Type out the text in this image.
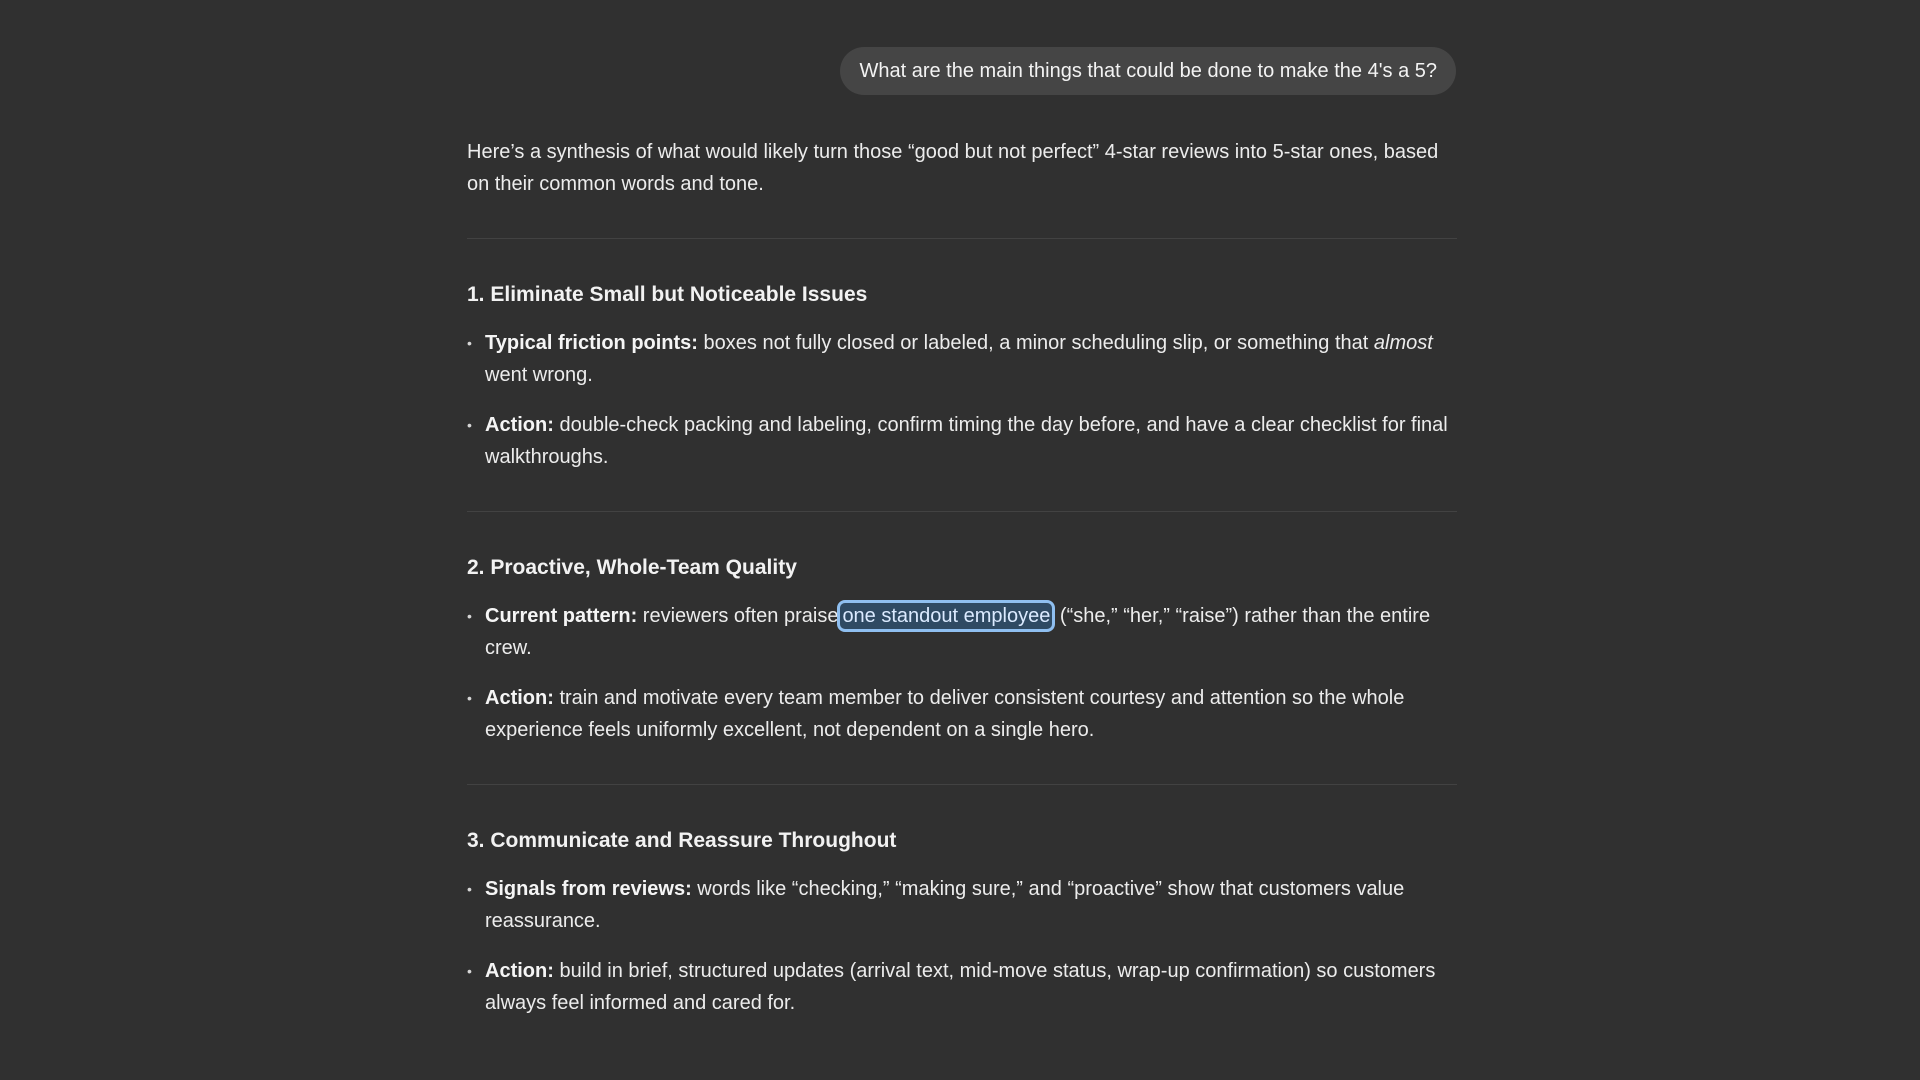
What are the main things that could be done to make the 4's a 5?

Here’s a synthesis of what would likely turn those “good but not perfect” 4-star reviews into 5-star ones, based on their common words and tone.

1. Eliminate Small but Noticeable Issues
• Typical friction points: boxes not fully closed or labeled, a minor scheduling slip, or something that almost went wrong.
• Action: double-check packing and labeling, confirm timing the day before, and have a clear checklist for final walkthroughs.
2. Proactive, Whole-Team Quality
• Current pattern: reviewers often praise one standout employee (“she,” “her,” “raise”) rather than the entire crew.
• Action: train and motivate every team member to deliver consistent courtesy and attention so the whole experience feels uniformly excellent, not dependent on a single hero.
3. Communicate and Reassure Throughout
• Signals from reviews: words like “checking,” “making sure,” and “proactive” show that customers value reassurance.
• Action: build in brief, structured updates (arrival text, mid-move status, wrap-up confirmation) so customers always feel informed and cared for.
